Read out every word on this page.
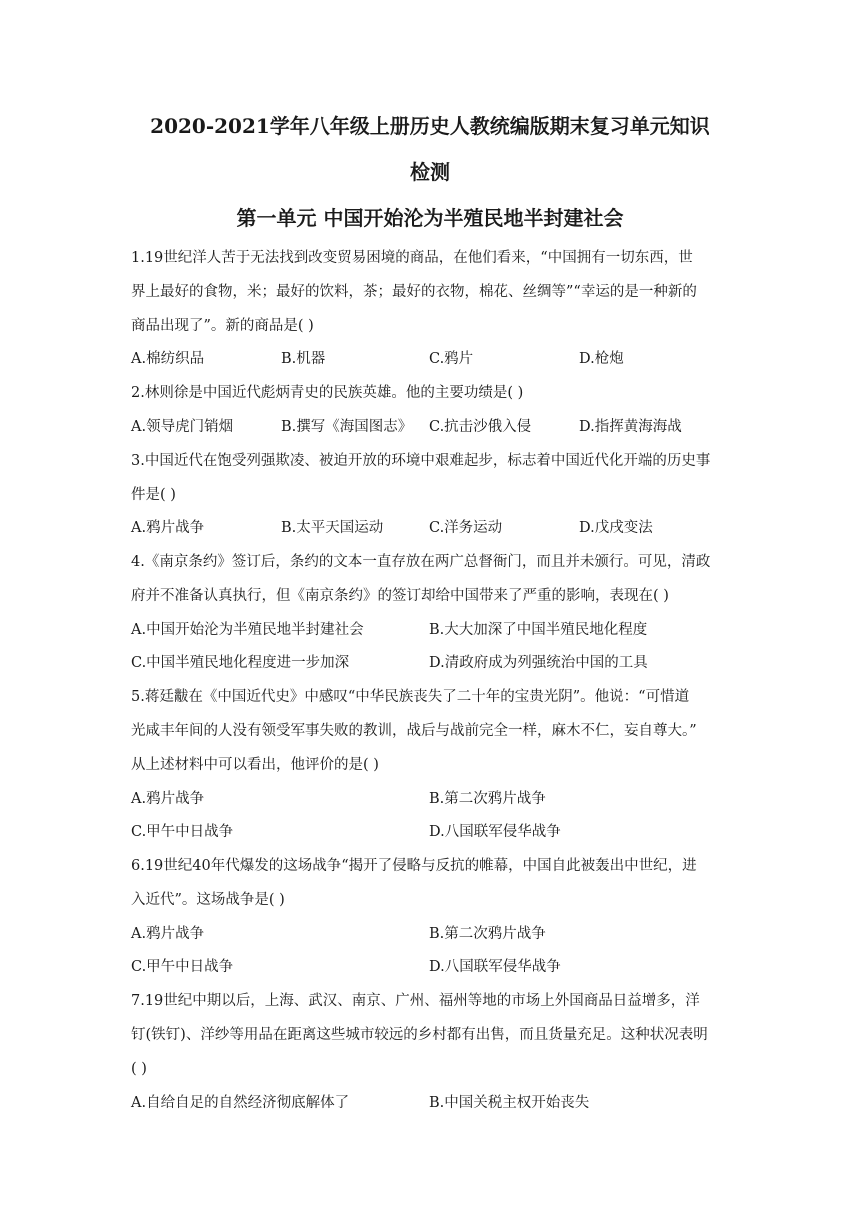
2020-2021学年八年级上册历史人教统编版期末复习单元知识
检测
第一单元 中国开始沦为半殖民地半封建社会
1.19世纪洋人苦于无法找到改变贸易困境的商品，在他们看来，“中国拥有一切东西，世
界上最好的食物，米；最好的饮料，茶；最好的衣物，棉花、丝绸等”“幸运的是一种新的
商品出现了”。新的商品是( )
A.棉纺织品	B.机器	C.鸦片	D.枪炮
2.林则徐是中国近代彪炳青史的民族英雄。他的主要功绩是( )
A.领导虎门销烟	B.撰写《海国图志》 C.抗击沙俄入侵	D.指挥黄海海战
3.中国近代在饱受列强欺凌、被迫开放的环境中艰难起步，标志着中国近代化开端的历史事
件是( )
A.鸦片战争	B.太平天国运动	C.洋务运动	D.戊戌变法
4.《南京条约》签订后，条约的文本一直存放在两广总督衙门，而且并未颁行。可见，清政
府并不准备认真执行，但《南京条约》的签订却给中国带来了严重的影响，表现在( )
A.中国开始沦为半殖民地半封建社会	B.大大加深了中国半殖民地化程度
C.中国半殖民地化程度进一步加深	D.清政府成为列强统治中国的工具
5.蒋廷黻在《中国近代史》中感叹“中华民族丧失了二十年的宝贵光阴”。他说：“可惜道
光咸丰年间的人没有领受军事失败的教训，战后与战前完全一样，麻木不仁，妄自尊大。”
从上述材料中可以看出，他评价的是( )
A.鸦片战争	B.第二次鸦片战争
C.甲午中日战争	D.八国联军侵华战争
6.19世纪40年代爆发的这场战争“揭开了侵略与反抗的帷幕，中国自此被轰出中世纪，进
入近代”。这场战争是( )
A.鸦片战争	B.第二次鸦片战争
C.甲午中日战争	D.八国联军侵华战争
7.19世纪中期以后，上海、武汉、南京、广州、福州等地的市场上外国商品日益增多，洋
钉(铁钉)、洋纱等用品在距离这些城市较远的乡村都有出售，而且货量充足。这种状况表明
( )
A.自给自足的自然经济彻底解体了	B.中国关税主权开始丧失
